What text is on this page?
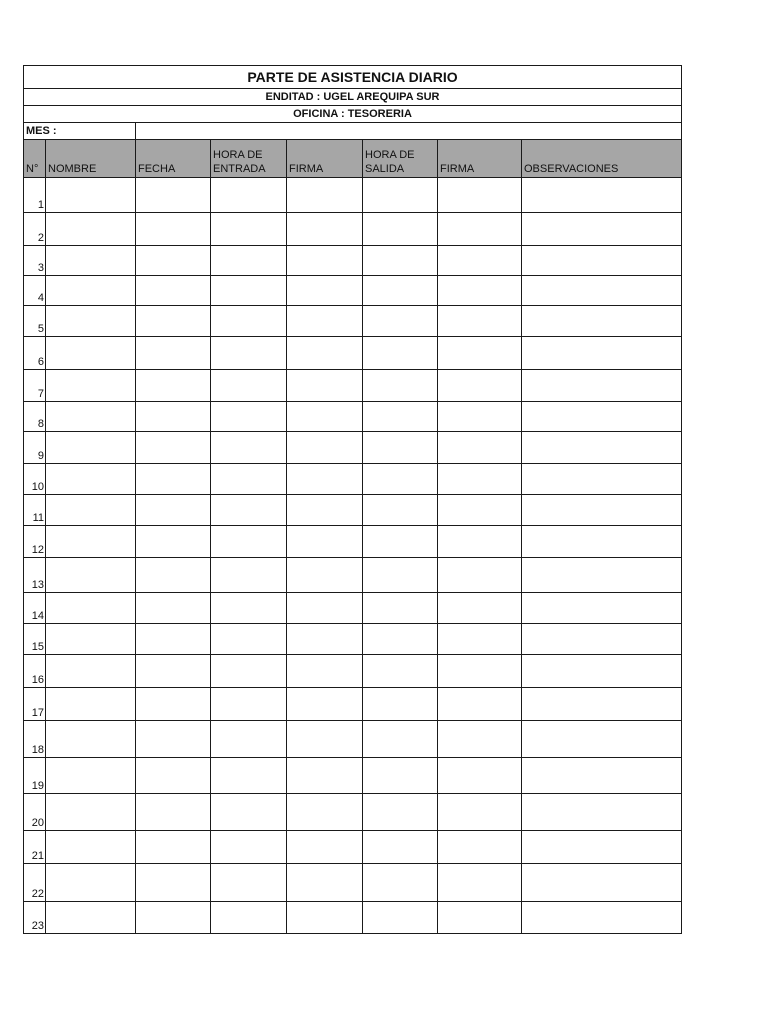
PARTE DE ASISTENCIA DIARIO							
ENDITAD : UGEL AREQUIPA SUR							
OFICINA : TESORERIA							
MES :							
N°	NOMBRE	FECHA	HORA DE ENTRADA	FIRMA	HORA DE SALIDA	FIRMA	OBSERVACIONES
1							
2							
3							
4							
5							
6							
7							
8							
9							
10							
11							
12							
13							
14							
15							
16							
17							
18							
19							
20							
21							
22							
23							
